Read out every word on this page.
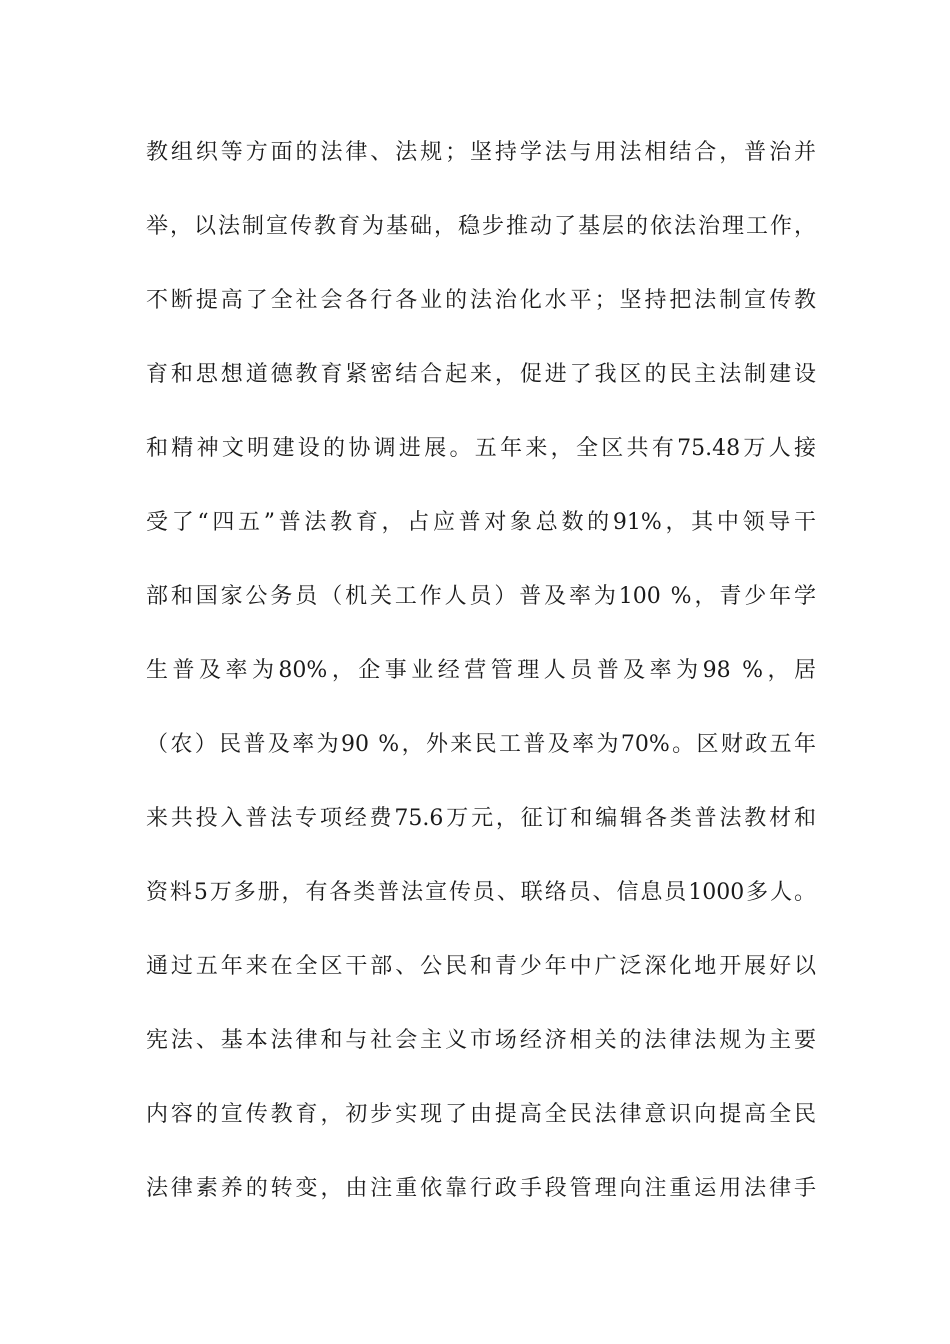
教组织等方面的法律、法规；坚持学法与用法相结合，普治并
举，以法制宣传教育为基础，稳步推动了基层的依法治理工作，
不断提高了全社会各行各业的法治化水平；坚持把法制宣传教
育和思想道德教育紧密结合起来，促进了我区的民主法制建设
和精神文明建设的协调进展。五年来，全区共有75.48万人接
受了“四五”普法教育，占应普对象总数的91%，其中领导干
部和国家公务员（机关工作人员）普及率为100 %，青少年学
生普及率为80%，企事业经营管理人员普及率为98 %，居
（农）民普及率为90 %，外来民工普及率为70%。区财政五年
来共投入普法专项经费75.6万元，征订和编辑各类普法教材和
资料5万多册，有各类普法宣传员、联络员、信息员1000多人。
通过五年来在全区干部、公民和青少年中广泛深化地开展好以
宪法、基本法律和与社会主义市场经济相关的法律法规为主要
内容的宣传教育，初步实现了由提高全民法律意识向提高全民
法律素养的转变，由注重依靠行政手段管理向注重运用法律手
